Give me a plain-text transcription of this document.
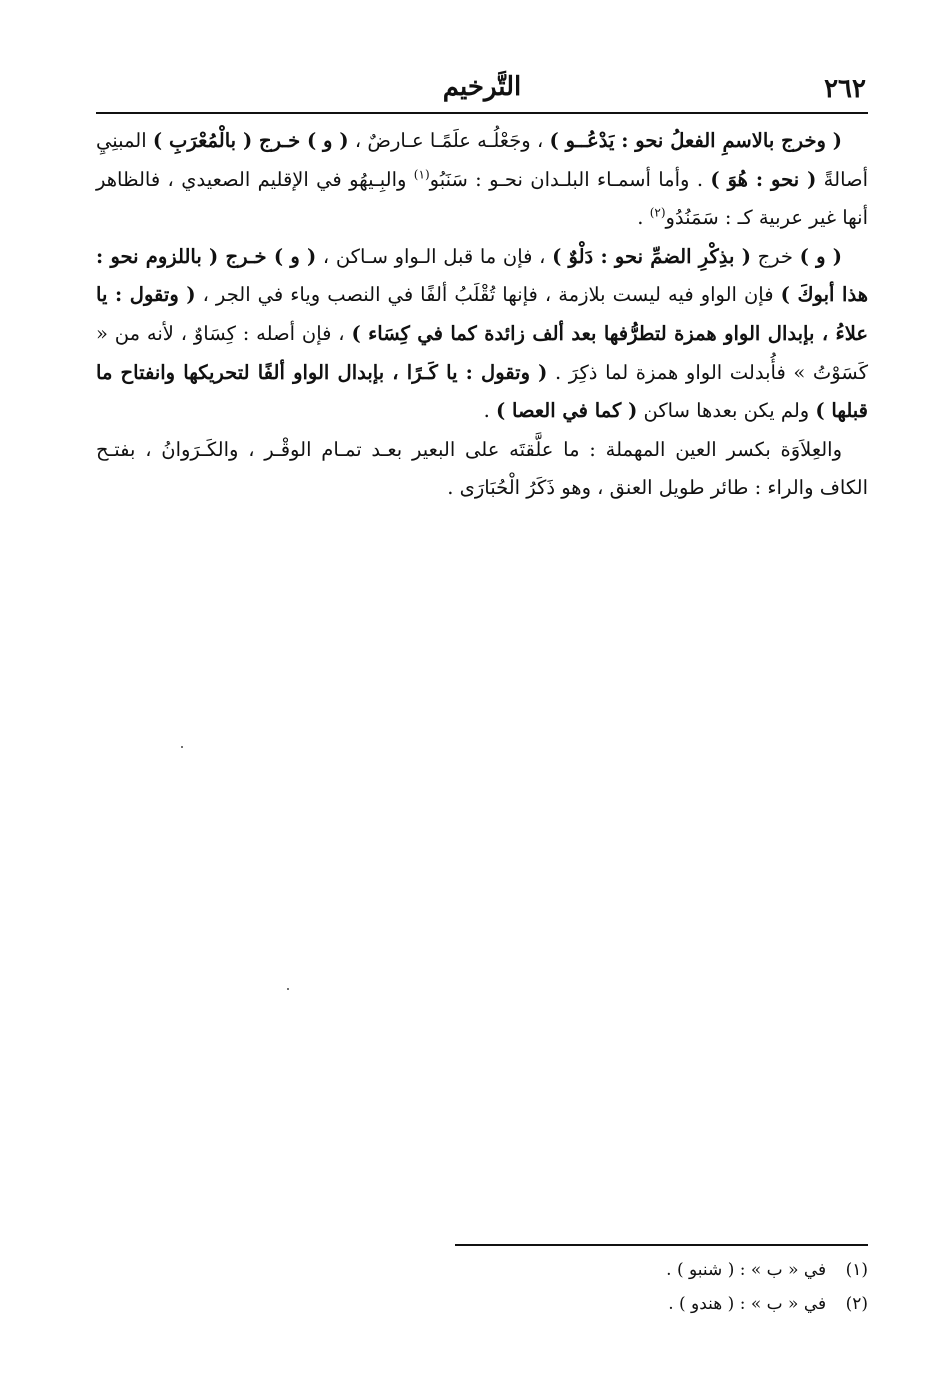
٢٦٢
التَّرخيم

( وخرج بالاسمِ الفعلُ نحو : يَدْعُــو ) ، وجَعْلُـه علَمًـا عـارضٌ ، ( و ) خـرج ( بالْمُعْرَبِ ) المبنِيِ أصالةً ( نحو : هُوَ ) . وأما أسمـاء البلـدان نحـو : سَنَبُو$^{(١)}$ والبِـيهُو في الإقليم الصعيدي ، فالظاهر أنها غير عربية كـ : سَمَنُدُو$^{(٢)}$ .

( و ) خرج ( بذِكْرِ الضمِّ نحو : دَلْوٌ ) ، فإن ما قبل الـواو سـاكن ، ( و ) خـرج ( باللزوم نحو : هذا أبوكَ ) فإن الواو فيه ليست بلازمة ، فإنها تُقْلَبُ ألفًا في النصب وياء في الجر ، ( وتقول : يا علاءُ ، بإبدال الواو همزة لتطرُّفها بعد ألف زائدة كما في كِسَاء ) ، فإن أصله : كِسَاوٌ ، لأنه من « كَسَوْتُ » فأُبدلت الواو همزة لما ذكِرَ . ( وتقول : يا كَـرًا ، بإبدال الواو ألفًا لتحريكها وانفتاح ما قبلها ) ولم يكن بعدها ساكن ( كما في العصا ) .

والعِلاَوَة بكسر العين المهملة : ما علَّقتَه على البعير بعـد تمـام الوقْـر ، والكَـرَوانُ ، بفتـح الكاف والراء : طائر طويل العنق ، وهو ذَكَرُ الْحُبَارَى .

(١) في « ب » : ( شنبو ) .

(٢) في « ب » : ( هندو ) .
